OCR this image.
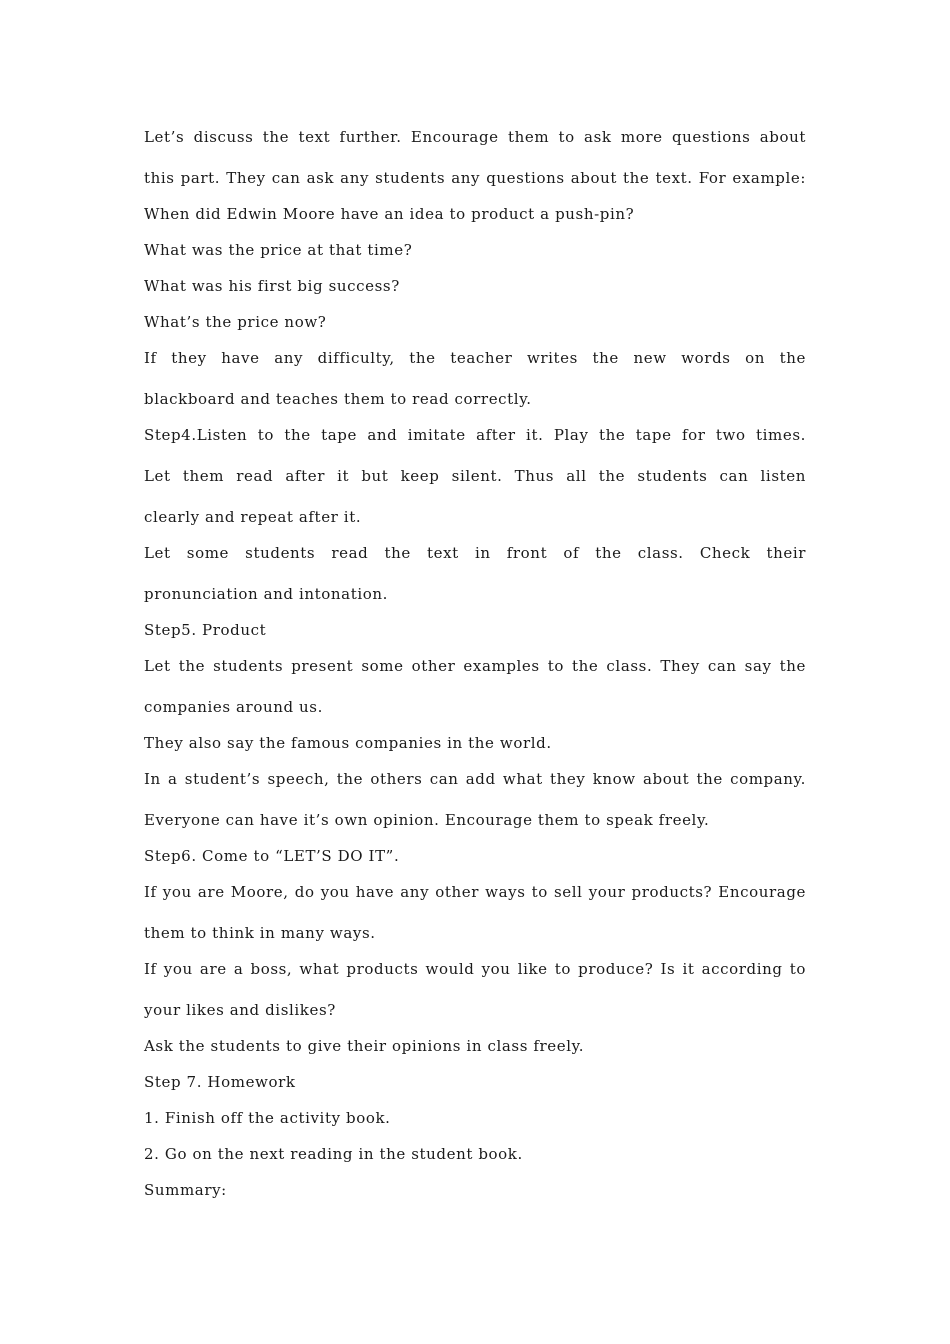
Let’s discuss the text further. Encourage them to ask more questions about
this part. They can ask any students any questions about the text. For example:
When did Edwin Moore have an idea to product a push-pin?
What was the price at that time?
What was his first big success?
What’s the price now?
If they have any difficulty, the teacher writes the new words on the
blackboard and teaches them to read correctly.
Step4.Listen to the tape and imitate after it. Play the tape for two times.
Let them read after it but keep silent. Thus all the students can listen
clearly and repeat after it.
Let some students read the text in front of the class. Check their
pronunciation and intonation.
Step5. Product
Let the students present some other examples to the class. They can say the
companies around us.
They also say the famous companies in the world.
In a student’s speech, the others can add what they know about the company.
Everyone can have it’s own opinion. Encourage them to speak freely.
Step6. Come to “LET’S DO IT”.
If you are Moore, do you have any other ways to sell your products? Encourage
them to think in many ways.
If you are a boss, what products would you like to produce? Is it according to
your likes and dislikes?
Ask the students to give their opinions in class freely.
Step 7. Homework
1. Finish off the activity book.
2. Go on the next reading in the student book.
Summary:
